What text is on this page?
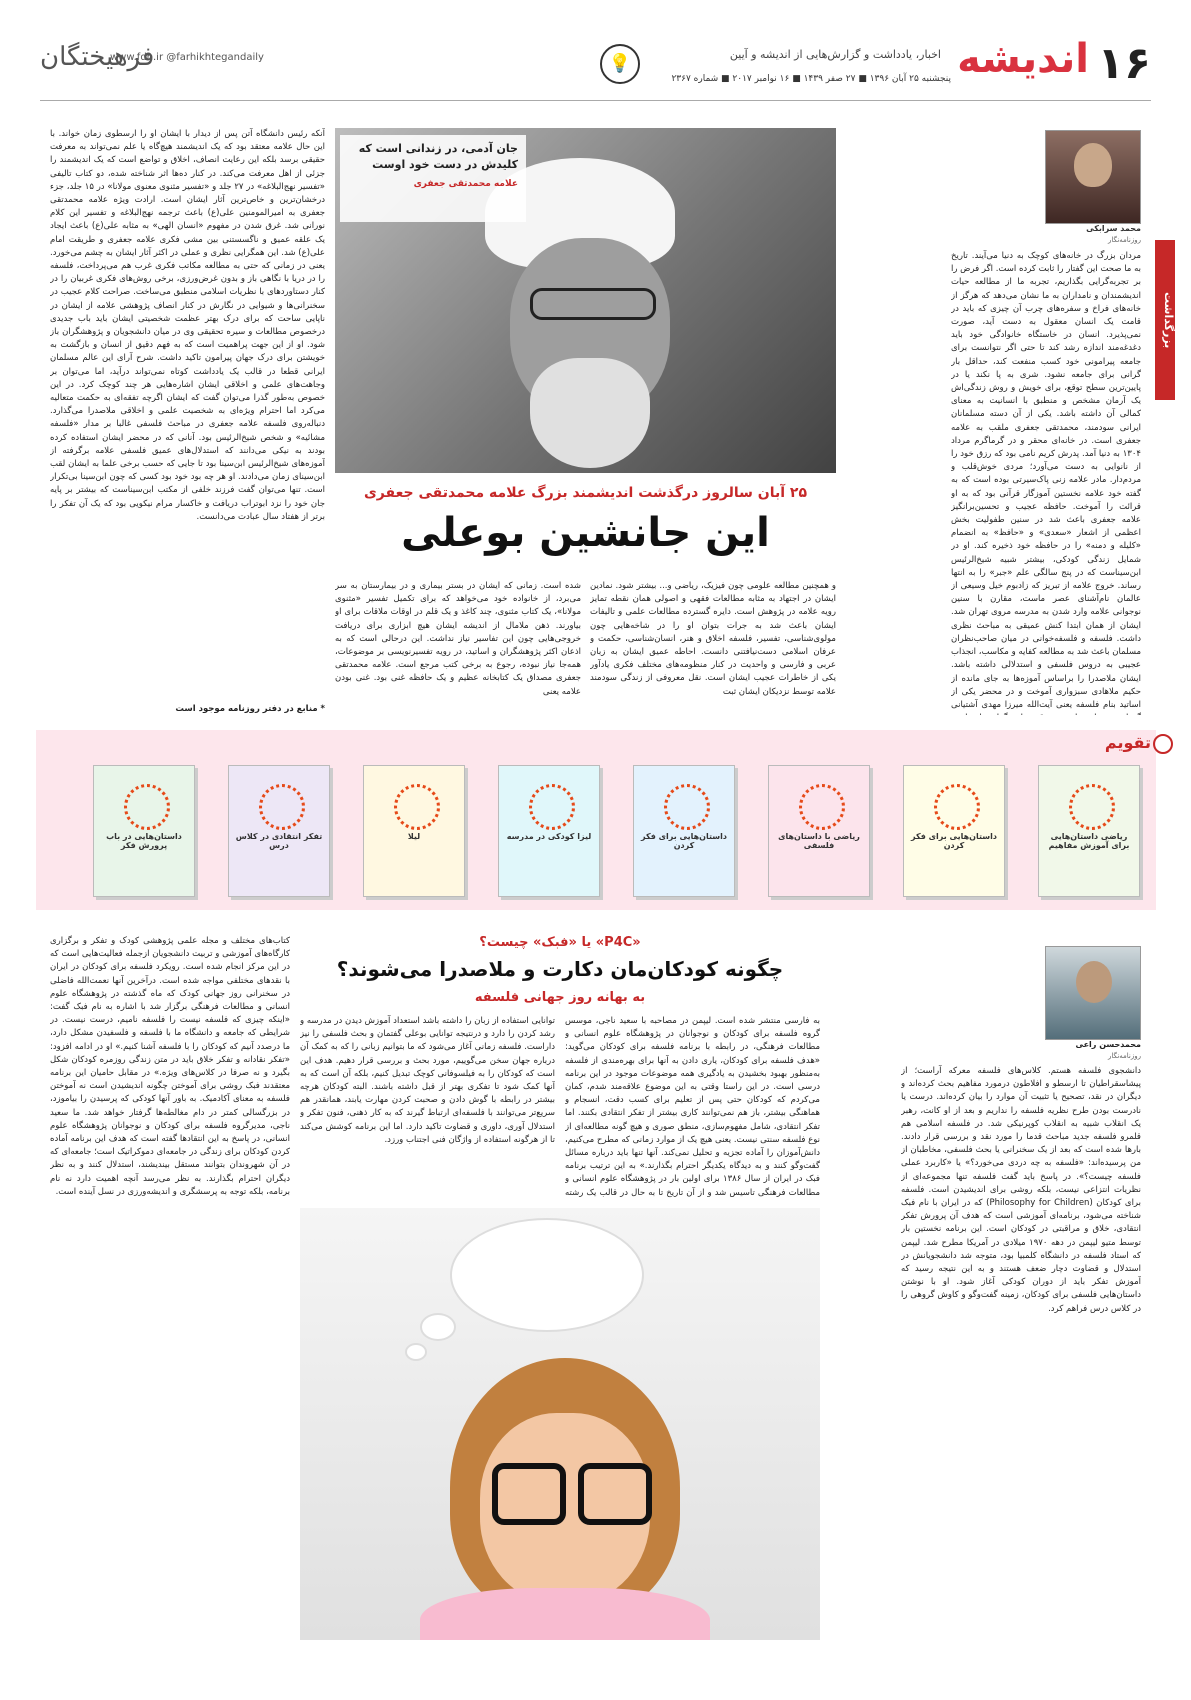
۱۶
اندیشه
اخبار، یادداشت و گزارش‌هایی از اندیشه و آیین
پنجشنبه ۲۵ آبان ۱۳۹۶ ■ ۲۷ صفر ۱۴۳۹ ■ ۱۶ نوامبر ۲۰۱۷ ■ شماره ۲۳۶۷
💡
www.fdn.ir @farhikhtegandaily
فرهیختگان
محمد سرابکی
روزنامه‌نگار
بزرگداشت
مردان بزرگ در خانه‌های کوچک به دنیا می‌آیند. تاریخ به ما صحت این گفتار را ثابت کرده است. اگر فرض را بر تجربه‌گرایی بگذاریم، تجربه ما از مطالعه حیات اندیشمندان و نامداران به ما نشان می‌دهد که هرگز از خانه‌های فراخ و سفره‌های چرب آن چیزی که باید در قامت یک انسان معقول به دست آید، صورت نمی‌پذیرد. انسان در خاستگاه خانوادگی خود باید دغدغه‌مند اندازه رشد کند تا حتی اگر نتوانست برای جامعه پیرامونی خود کسب منفعت کند، حداقل بار گرانی برای جامعه نشود. شری به پا نکند یا در پایین‌ترین سطح توقع، برای خویش و روش زندگی‌اش یک آرمان مشخص و منطبق با انسانیت به معنای کمالی آن داشته باشد. یکی از آن دسته مسلمانان ایرانی سودمند، محمدتقی جعفری ملقب به علامه جعفری است. در خانه‌ای محقر و در گرماگرم مرداد ۱۳۰۴ به دنیا آمد. پدرش کریم نامی بود که رزق خود را از نانوایی به دست می‌آورد؛ مردی خوش‌قلب و مردم‌دار. مادر علامه زنی پاک‌سیرتی بوده است که به گفته خود علامه نخستین آموزگار قرآنی بود که به او قرائت را آموخت. حافظه عجیب و تحسین‌برانگیز علامه جعفری باعث شد در سنین طفولیت بخش اعظمی از اشعار «سعدی» و «حافظ» به انضمام «کلیله و دمنه» را در حافظه خود ذخیره کند. او در شمایل زندگی کودکی، بیشتر شبیه شیخ‌الرئیس ابن‌سیناست که در پنج سالگی علم «جبر» را به انتها رساند. خروج علامه از تبریز که زادبوم خیل وسیعی از عالمان نام‌آشنای عصر ماست، مقارن با سنین نوجوانی علامه وارد شدن به مدرسه مروی تهران شد. ایشان از همان ابتدا کنش عمیقی به مباحث نظری داشت. فلسفه و فلسفه‌خوانی در میان صاحب‌نظران مسلمان باعث شد به مطالعه کفایه و مکاسب، انجذاب عجیبی به دروس فلسفی و استدلالی داشته باشد. ایشان ملاصدرا را براساس آموزه‌ها به جای مانده از حکیم ملاهادی سبزواری آموخت و در محضر یکی از اساتید بنام فلسفه یعنی آیت‌الله میرزا مهدی آشتیانی
جان آدمی، در زندانی است که کلیدش در دست خود اوست
علامه محمدتقی جعفری
۲۵ آبان سالروز درگذشت اندیشمند بزرگ علامه محمدتقی جعفری
این جانشین بوعلی
و همچنین مطالعه علومی چون فیزیک، ریاضی و... بیشتر شود. نمادین ایشان در اجتهاد به مثابه مطالعات فقهی و اصولی همان نقطه تمایز رویه علامه در پژوهش است. دایره گسترده مطالعات علمی و تالیفات ایشان باعث شد به جرات بتوان او را در شاخه‌هایی چون مولوی‌شناسی، تفسیر، فلسفه اخلاق و هنر، انسان‌شناسی، حکمت و عرفان اسلامی دست‌نیافتنی دانست. احاطه عمیق ایشان به زبان عربی و فارسی و واحدیت در کنار منظومه‌های مختلف فکری یادآور یکی از خاطرات عجیب ایشان است. نقل معروفی از زندگی سودمند علامه توسط نزدیکان ایشان ثبت
شده است. زمانی که ایشان در بستر بیماری و در بیمارستان به سر می‌برد، از خانواده خود می‌خواهد که برای تکمیل تفسیر «مثنوی مولانا»، یک کتاب مثنوی، چند کاغذ و یک قلم در اوقات ملاقات برای او بیاورند. ذهن ملامال از اندیشه ایشان هیچ ابزاری برای دریافت خروجی‌هایی چون این تفاسیر نیاز نداشت. این درحالی است که به اذعان اکثر پژوهشگران و اساتید، در رویه تفسیرنویسی بر موضوعات، همه‌جا نیاز نبوده، رجوع به برخی کتب مرجع است. علامه محمدتقی جعفری مصداق یک کتابخانه عظیم و یک حافظه غنی بود. غنی بودن علامه یعنی
آنکه رئیس دانشگاه آتن پس از دیدار با ایشان او را ارسطوی زمان خواند. با این حال علامه معتقد بود که یک اندیشمند هیچ‌گاه یا علم نمی‌تواند به معرفت حقیقی برسد بلکه این رعایت انصاف، اخلاق و تواضع است که یک اندیشمند را جزئی از اهل معرفت می‌کند. در کنار ده‌ها اثر شناخته شده، دو کتاب تالیفی «تفسیر نهج‌البلاغه» در ۲۷ جلد و «تفسیر مثنوی معنوی مولانا» در ۱۵ جلد، جزء درخشان‌ترین و خاص‌ترین آثار ایشان است. ارادت ویژه علامه محمدتقی جعفری به امیرالمومنین علی(ع) باعث ترجمه نهج‌البلاغه و تفسیر این کلام نورانی شد. غرق شدن در مفهوم «انسان الهی» به مثابه علی(ع) باعث ایجاد یک علقه عمیق و ناگسستنی بین مشی فکری علامه جعفری و طریقت امام علی(ع) شد. این همگرایی نظری و عملی در اکثر آثار ایشان به چشم می‌خورد. یعنی در زمانی که حتی به مطالعه مکاتب فکری غرب هم می‌پرداخت، فلسفه را در دریا با نگاهی باز و بدون غرض‌ورزی، برخی روش‌های فکری غربیان را در کنار دستاوردهای با نظریات اسلامی منطبق می‌ساخت. صراحت کلام عجیب در سخنرانی‌ها و شیوایی در نگارش در کنار انصاف پژوهشی علامه از ایشان در ناپایی ساحت که برای درک بهتر عظمت شخصیتی ایشان باید باب جدیدی درخصوص مطالعات و سیره تحقیقی وی در میان دانشجویان و پژوهشگران باز شود. او از این جهت پراهمیت است که به فهم دقیق از انسان و بازگشت به خویشتن برای درک جهان پیرامون تاکید داشت. شرح آرای این عالم مسلمان ایرانی قطعا در قالب یک یادداشت کوتاه نمی‌تواند درآید، اما می‌توان بر وجاهت‌های علمی و اخلاقی ایشان اشاره‌هایی هر چند کوچک کرد. در این خصوص به‌طور گذرا می‌توان گفت که ایشان اگرچه تفقه‌ای به حکمت متعالیه می‌کرد اما احترام ویژه‌ای به شخصیت علمی و اخلاقی ملاصدرا می‌گذارد. دنباله‌روی فلسفه علامه جعفری در مباحث فلسفی غالبا بر مدار «فلسفه مشائیه» و شخص شیخ‌الرئیس بود. آنانی که در محضر ایشان استفاده کرده بودند به نیکی می‌دانند که استدلال‌های عمیق فلسفی علامه برگرفته از آموزه‌های شیخ‌الرئیس ابن‌سینا بود تا جایی که حسب برخی علما به ایشان لقب ابن‌سینای زمان می‌دادند. او هر چه بود خود بود کسی که چون ابن‌سینا بی‌تکرار است. تنها می‌توان گفت فرزند خلفی از مکتب ابن‌سیناست که بیشتر بر پایه جان خود را نزد ابوتراب دریافت و خاکسار مرام نیکویی بود که یک آن تفکر را برتر از هفتاد سال عبادت می‌دانست.
* منابع در دفتر روزنامه موجود است
تقویم
ریاضی داستان‌هایی برای آموزش مفاهیم
داستان‌هایی برای فکر کردن
ریاضی با داستان‌های فلسفی
داستان‌هایی برای فکر کردن
لیزا کودکی در مدرسه
لیلا
تفکر انتقادی در کلاس درس
داستان‌هایی در باب پرورش فکر
محمدحسن راعی
روزنامه‌نگار
«P4C» یا «فبک» چیست؟
چگونه کودکان‌مان دکارت و ملاصدرا می‌شوند؟
به بهانه روز جهانی فلسفه
دانشجوی فلسفه هستم. کلاس‌های فلسفه معرکه آراست؛ از پیشاسقراطیان تا ارسطو و افلاطون درمورد مفاهیم بحث کرده‌اند و دیگران در نقد، تصحیح یا تثبیت آن موارد را بیان کرده‌اند. درست یا نادرست بودن طرح نظریه فلسفه را نداریم و بعد از او کانت، رهبر یک انقلاب شبیه به انقلاب کوپرنیکی شد. در فلسفه اسلامی هم قلمرو فلسفه جدید مباحث قدما را مورد نقد و بررسی قرار دادند. بارها شده است که بعد از یک سخنرانی یا بحث فلسفی، مخاطبان از من پرسیده‌اند: «فلسفه به چه دردی می‌خورد؟» یا «کاربرد عملی فلسفه چیست؟». در پاسخ باید گفت فلسفه تنها مجموعه‌ای از نظریات انتزاعی نیست، بلکه روشی برای اندیشیدن است. فلسفه برای کودکان (Philosophy for Children) که در ایران با نام فبک شناخته می‌شود، برنامه‌ای آموزشی است که هدف آن پرورش تفکر انتقادی، خلاق و مراقبتی در کودکان است. این برنامه نخستین بار توسط متیو لیپمن در دهه ۱۹۷۰ میلادی در آمریکا مطرح شد. لیپمن که استاد فلسفه در دانشگاه کلمبیا بود، متوجه شد دانشجویانش در استدلال و قضاوت دچار ضعف هستند و به این نتیجه رسید که آموزش تفکر باید از دوران کودکی آغاز شود. او با نوشتن داستان‌هایی فلسفی برای کودکان، زمینه گفت‌وگو و کاوش گروهی را در کلاس درس فراهم کرد.
به فارسی منتشر شده است. لیپمن در مصاحبه با سعید ناجی، موسس گروه فلسفه برای کودکان و نوجوانان در پژوهشگاه علوم انسانی و مطالعات فرهنگی، در رابطه با برنامه فلسفه برای کودکان می‌گوید: «هدف فلسفه برای کودکان، یاری دادن به آنها برای بهره‌مندی از فلسفه به‌منظور بهبود بخشیدن به یادگیری همه موضوعات موجود در این برنامه درسی است. در این راستا وقتی به این موضوع علاقه‌مند شدم، کمان می‌کردم که کودکان حتی پس از تعلیم برای کسب دقت، انسجام و هماهنگی بیشتر، باز هم نمی‌توانند کاری بیشتر از تفکر انتقادی بکنند. اما تفکر انتقادی، شامل مفهوم‌سازی، منطق صوری و هیچ گونه مطالعه‌ای از نوع فلسفه سنتی نیست. یعنی هیچ یک از موارد زمانی که مطرح می‌کنیم، دانش‌آموزان را آماده تجزیه و تحلیل نمی‌کند. آنها تنها باید درباره مسائل گفت‌وگو کنند و به دیدگاه یکدیگر احترام بگذارند.» به این ترتیب برنامه فبک در ایران از سال ۱۳۸۶ برای اولین بار در پژوهشگاه علوم انسانی و مطالعات فرهنگی تاسیس شد و از آن تاریخ تا به حال در قالب یک رشته
توانایی استفاده از زبان را داشته باشد استعداد آموزش دیدن در مدرسه و رشد کردن را دارد و درنتیجه توانایی بوعلی گفتمان و بحث فلسفی را نیز داراست. فلسفه زمانی آغاز می‌شود که ما بتوانیم زبانی را که به کمک آن درباره جهان سخن می‌گوییم، مورد بحث و بررسی قرار دهیم. هدف این است که کودکان را به فیلسوفانی کوچک تبدیل کنیم، بلکه آن است که به آنها کمک شود تا تفکری بهتر از قبل داشته باشند. البته کودکان هرچه بیشتر در رابطه با گوش دادن و صحبت کردن مهارت یابند، همانقدر هم سریع‌تر می‌توانند با فلسفه‌ای ارتباط گیرند که به کار ذهنی، فنون تفکر و استدلال آوری، داوری و قضاوت تاکید دارد. اما این برنامه کوشش می‌کند تا از هرگونه استفاده از واژگان فنی اجتناب ورزد.
کتاب‌های مختلف و مجله علمی پژوهشی کودک و تفکر و برگزاری کارگاه‌های آموزشی و تربیت دانشجویان ازجمله فعالیت‌هایی است که در این مرکز انجام شده است. رویکرد فلسفه برای کودکان در ایران با نقدهای مختلفی مواجه شده است. درآخرین آنها نعمت‌الله فاضلی در سخنرانی روز جهانی کودک که ماه گذشته در پژوهشگاه علوم انسانی و مطالعات فرهنگی برگزار شد با اشاره به نام فبک گفت: «اینکه چیزی که فلسفه نیست را فلسفه نامیم، درست نیست. در شرایطی که جامعه و دانشگاه ما با فلسفه و فلسفیدن مشکل دارد، ما درصدد آنیم که کودکان را با فلسفه آشنا کنیم.» او در ادامه افزود: «تفکر نقادانه و تفکر خلاق باید در متن زندگی روزمره کودکان شکل بگیرد و نه صرفا در کلاس‌های ویژه.» در مقابل حامیان این برنامه معتقدند فبک روشی برای آموختن چگونه اندیشیدن است نه آموختن فلسفه به معنای آکادمیک. به باور آنها کودکی که پرسیدن را بیاموزد، در بزرگسالی کمتر در دام مغالطه‌ها گرفتار خواهد شد. ما سعید ناجی، مدیرگروه فلسفه برای کودکان و نوجوانان پژوهشگاه علوم انسانی، در پاسخ به این انتقادها گفته است که هدف این برنامه آماده کردن کودکان برای زندگی در جامعه‌ای دموکراتیک است؛ جامعه‌ای که در آن شهروندان بتوانند مستقل بیندیشند، استدلال کنند و به نظر دیگران احترام بگذارند. به نظر می‌رسد آنچه اهمیت دارد نه نام برنامه، بلکه توجه به پرسشگری و اندیشه‌ورزی در نسل آینده است.
